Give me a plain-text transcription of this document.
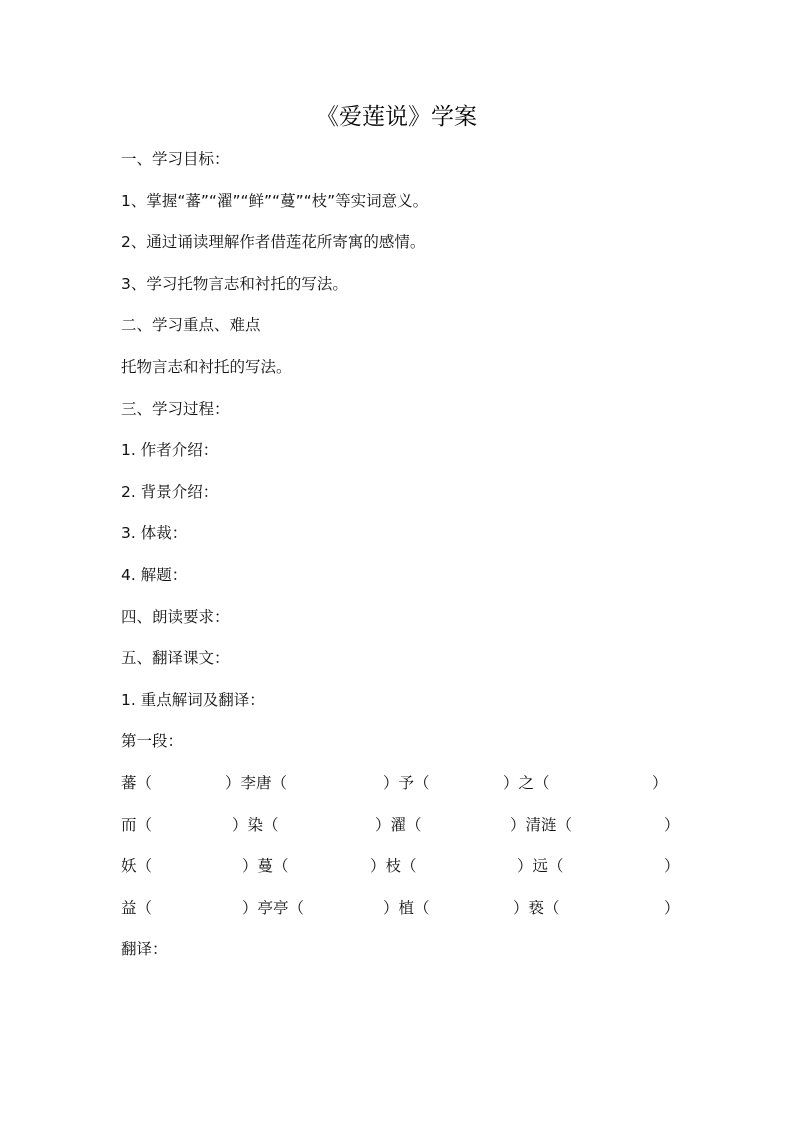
《爱莲说》学案
一、学习目标：
1、掌握“蕃”“濯”“鲜”“蔓”“枝”等实词意义。
2、通过诵读理解作者借莲花所寄寓的感情。
3、学习托物言志和衬托的写法。
二、学习重点、难点
托物言志和衬托的写法。
三、学习过程：
1. 作者介绍：
2. 背景介绍：
3. 体裁：
4. 解题：
四、朗读要求：
五、翻译课文：
1. 重点解词及翻译：
第一段：
蕃（	）李唐（	）予（	）之（	）
而（	）染（	）濯（	）清涟（	）
妖（	）蔓（	）枝（	）远（	）
益（	）亭亭（	）植（	）亵（	）
翻译：
